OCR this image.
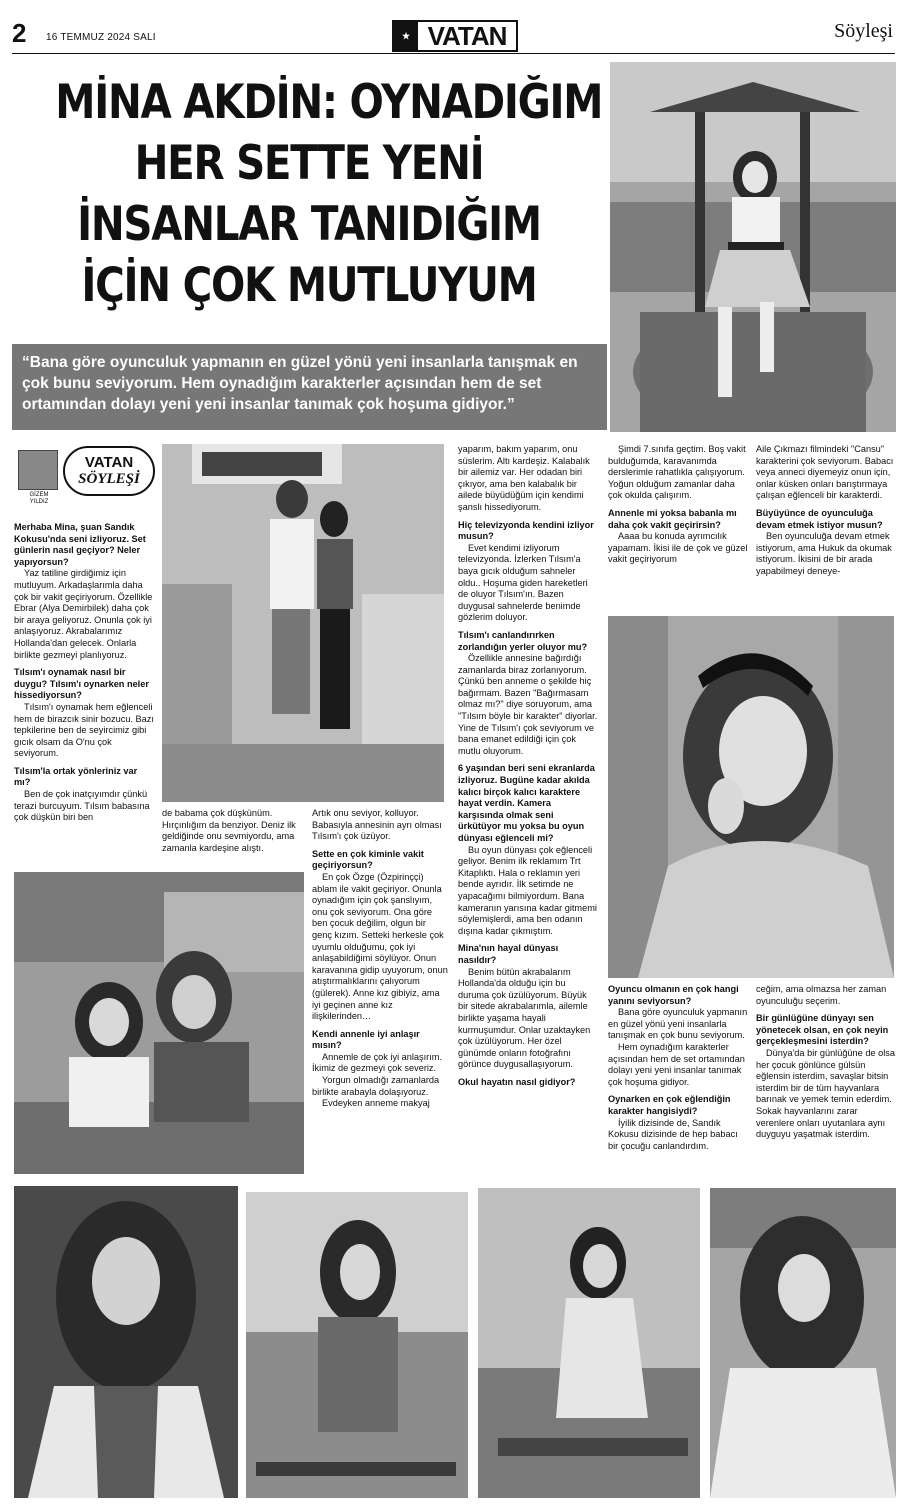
2 16 TEMMUZ 2024 SALI	★ VATAN	Söyleşi
MİNA AKDİN: OYNADIĞIM
HER SETTE YENİ
İNSANLAR TANIDIĞIM
İÇİN ÇOK MUTLUYUM
“Bana göre oyunculuk yapmanın en güzel yönü yeni insanlarla tanışmak en çok bunu seviyorum. Hem oynadığım karakterler açısından hem de set ortamından dolayı yeni yeni insanlar tanımak çok hoşuma gidiyor.”
GİZEM
YILDIZ
VATAN
SÖYLEŞİ

Merhaba Mina, şuan Sandık Kokusu'nda seni izliyoruz. Set günlerin nasıl geçiyor? Neler yapıyorsun?

Yaz tatiline girdiğimiz için mutluyum. Arkadaşlarımla daha çok bir vakit geçiriyorum. Özellikle Ebrar (Alya Demirbilek) daha çok bir araya geliyoruz. Onunla çok iyi anlaşıyoruz. Akrabalarımız Hollanda'dan gelecek. Onlarla birlikte gezmeyi planlıyoruz.

Tılsım'ı oynamak nasıl bir duygu? Tılsım'ı oynarken neler hissediyorsun?

Tılsım'ı oynamak hem eğlenceli hem de birazcık sinir bozucu. Bazı tepkilerine ben de seyircimiz gibi gıcık olsam da O'nu çok seviyorum.

Tılsım'la ortak yönleriniz var mı?

Ben de çok inatçıyımdır çünkü terazi burcuyum. Tılsım babasına çok düşkün biri ben	de babama çok düşkünüm. Hırçınlığım da benziyor. Deniz ilk geldiğinde onu sevmiyordu, ama zamanla kardeşine alıştı.

Artık onu seviyor, kolluyor. Babasıyla annesinin ayrı olması Tılsım'ı çok üzüyor.

Sette en çok kiminle vakit geçiriyorsun?

En çok Özge (Özpirinççi) ablam ile vakit geçiriyor. Onunla oynadığım için çok şanslıyım, onu çok seviyorum. Ona göre ben çocuk değilim, olgun bir genç kızım. Setteki herkesle çok uyumlu olduğumu, çok iyi anlaşabildiğimi söylüyor. Onun karavanına gidip uyuyorum, onun atıştırmalıklarını çalıyorum (gülerek). Anne kız gibiyiz, ama iyi geçinen anne kız ilişkilerinden…

Kendi annenle iyi anlaşır mısın?

Annemle de çok iyi anlaşırım. İkimiz de gezmeyi çok severiz.

Yorgun olmadığı zamanlarda birlikte arabayla dolaşıyoruz.

Evdeyken anneme makyaj

yaparım, bakım yaparım, onu süslerim. Altı kardeşiz. Kalabalık bir ailemiz var. Her odadan biri çıkıyor, ama ben kalabalık bir ailede büyüdüğüm için kendimi şanslı hissediyorum.

Hiç televizyonda kendini izliyor musun?

Evet kendimi izliyorum televizyonda. İzlerken Tılsım'a baya gıcık olduğum sahneler oldu.. Hoşuma giden hareketleri de oluyor Tılsım'ın. Bazen duygusal sahnelerde benimde gözlerim doluyor.

Tılsım'ı canlandırırken zorlandığın yerler oluyor mu?

Özellikle annesine bağırdığı zamanlarda biraz zorlanıyorum. Çünkü ben anneme o şekilde hiç bağırmam. Bazen "Bağırmasam olmaz mı?" diye soruyorum, ama "Tılsım böyle bir karakter" diyorlar. Yine de Tılsım'ı çok seviyorum ve bana emanet edildiği için çok mutlu oluyorum.

6 yaşından beri seni ekranlarda izliyoruz. Bugüne kadar akılda kalıcı birçok kalıcı karaktere hayat verdin. Kamera karşısında olmak seni ürkütüyor mu yoksa bu oyun dünyası eğlenceli mi?

Bu oyun dünyası çok eğlenceli geliyor. Benim ilk reklamım Trt Kitaplıktı. Hala o reklamın yeri bende ayrıdır. İlk setimde ne yapacağımı bilmiyordum. Bana kameranın yarısına kadar gitmemi söylemişlerdi, ama ben odanın dışına kadar çıkmıştım.

Mina'nın hayal dünyası nasıldır?

Benim bütün akrabalarım Hollanda'da olduğu için bu duruma çok üzülüyorum. Büyük bir sitede akrabalarımla, ailemle birlikte yaşama hayali kurmuşumdur. Onlar uzaktayken çok üzülüyorum. Her özel günümde onların fotoğrafını görünce duygusallaşıyorum.

Okul hayatın nasıl gidiyor?

Şimdi 7.sınıfa geçtim. Boş vakit bulduğumda, karavanımda derslerimle rahatlıkla çalışıyorum. Yoğun olduğum zamanlar daha çok okulda çalışırım.

Annenle mi yoksa babanla mı daha çok vakit geçirirsin?

Aaaa bu konuda ayrımcılık yapamam. İkisi ile de çok ve güzel vakit geçiriyorum

Aile Çıkmazı filmindeki "Cansu" karakterini çok seviyorum. Babacı veya anneci diyemeyiz onun için, onlar küsken onları barıştırmaya çalışan eğlenceli bir karakterdi.

Büyüyünce de oyunculuğa devam etmek istiyor musun?

Ben oyunculuğa devam etmek istiyorum, ama Hukuk da okumak istiyorum. İkisini de bir arada yapabilmeyi deneye-

Oyuncu olmanın en çok hangi yanını seviyorsun?

Bana göre oyunculuk yapmanın en güzel yönü yeni insanlarla tanışmak en çok bunu seviyorum.

Hem oynadığım karakterler açısından hem de set ortamından dolayı yeni yeni insanlar tanımak çok hoşuma gidiyor.

Oynarken en çok eğlendiğin karakter hangisiydi?

İyilik dizisinde de, Sandık Kokusu dizisinde de hep babacı bir çocuğu canlandırdım.

ceğim, ama olmazsa her zaman oyunculuğu seçerim.

Bir günlüğüne dünyayı sen yönetecek olsan, en çok neyin gerçekleşmesini isterdin?

Dünya'da bir günlüğüne de olsa her çocuk gönlünce gülsün eğlensin isterdim, savaşlar bitsin isterdim bir de tüm hayvanlara barınak ve yemek temin ederdim. Sokak hayvanlarını zarar verenlere onları uyutanlara aynı duyguyu yaşatmak isterdim.
